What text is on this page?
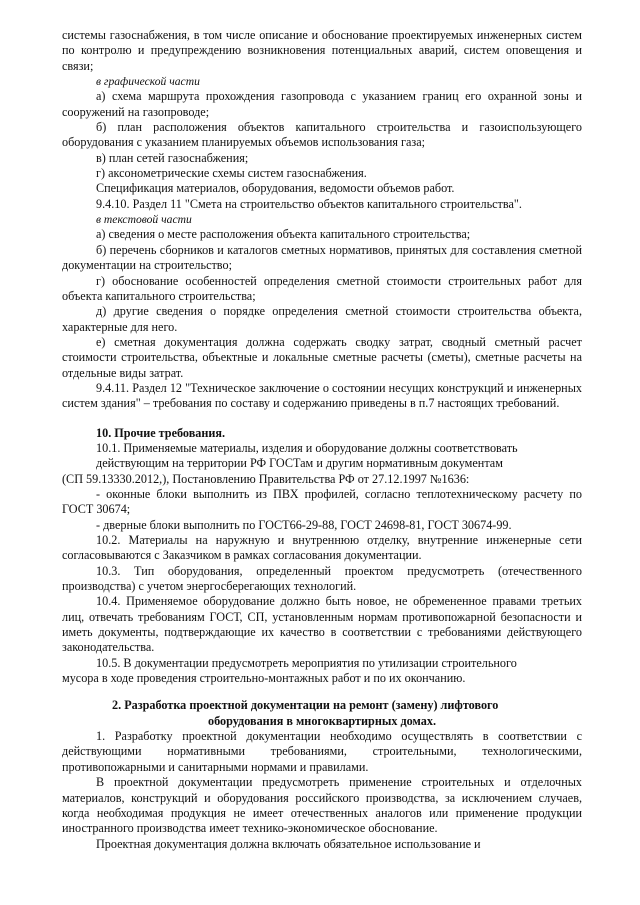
системы газоснабжения, в том числе описание и обоснование проектируемых инженерных систем по контролю и предупреждению возникновения потенциальных аварий, систем оповещения и связи;

в графической части

а) схема маршрута прохождения газопровода с указанием границ его охранной зоны и сооружений на газопроводе;

б) план расположения объектов капитального строительства и газоиспользующего оборудования с указанием планируемых объемов использования газа;

в) план сетей газоснабжения;

г) аксонометрические схемы систем газоснабжения.

Спецификация материалов, оборудования, ведомости объемов работ.

9.4.10. Раздел 11 "Смета на строительство объектов капитального строительства".

в текстовой части

а) сведения о месте расположения объекта капитального строительства;

б) перечень сборников и каталогов сметных нормативов, принятых для составления сметной документации на строительство;

г) обоснование особенностей определения сметной стоимости строительных работ для объекта капитального строительства;

д) другие сведения о порядке определения сметной стоимости строительства объекта, характерные для него.

е) сметная документация должна содержать сводку затрат, сводный сметный расчет стоимости строительства, объектные и локальные сметные расчеты (сметы), сметные расчеты на отдельные виды затрат.

9.4.11. Раздел 12 "Техническое заключение о состоянии несущих конструкций и инженерных систем здания" – требования по составу и содержанию приведены в п.7 настоящих требований.

10. Прочие требования.

10.1. Применяемые материалы, изделия и оборудование должны соответствовать

действующим на территории РФ ГОСТам и другим нормативным документам

(СП 59.13330.2012,), Постановлению Правительства РФ от 27.12.1997 №1636:

- оконные блоки выполнить из ПВХ профилей, согласно теплотехническому расчету по ГОСТ 30674;

- дверные блоки выполнить по ГОСТ66-29-88, ГОСТ 24698-81, ГОСТ 30674-99.

10.2. Материалы на наружную и внутреннюю отделку, внутренние инженерные сети согласовываются с Заказчиком в рамках согласования документации.

10.3. Тип оборудования, определенный проектом предусмотреть (отечественного производства) с учетом энергосберегающих технологий.

10.4. Применяемое оборудование должно быть новое, не обремененное правами третьих лиц, отвечать требованиям ГОСТ, СП, установленным нормам противопожарной безопасности и иметь документы, подтверждающие их качество в соответствии с требованиями действующего законодательства.

10.5. В документации предусмотреть мероприятия по утилизации строительного

мусора в ходе проведения строительно-монтажных работ и по их окончанию.

2. Разработка проектной документации на ремонт (замену) лифтового

оборудования в многоквартирных домах.

1. Разработку проектной документации необходимо осуществлять в соответствии с действующими нормативными требованиями, строительными, технологическими, противопожарными и санитарными нормами и правилами.

В проектной документации предусмотреть применение строительных и отделочных материалов, конструкций и оборудования российского производства, за исключением случаев, когда необходимая продукция не имеет отечественных аналогов или применение продукции иностранного производства имеет технико-экономическое обоснование.

Проектная документация должна включать обязательное использование и
